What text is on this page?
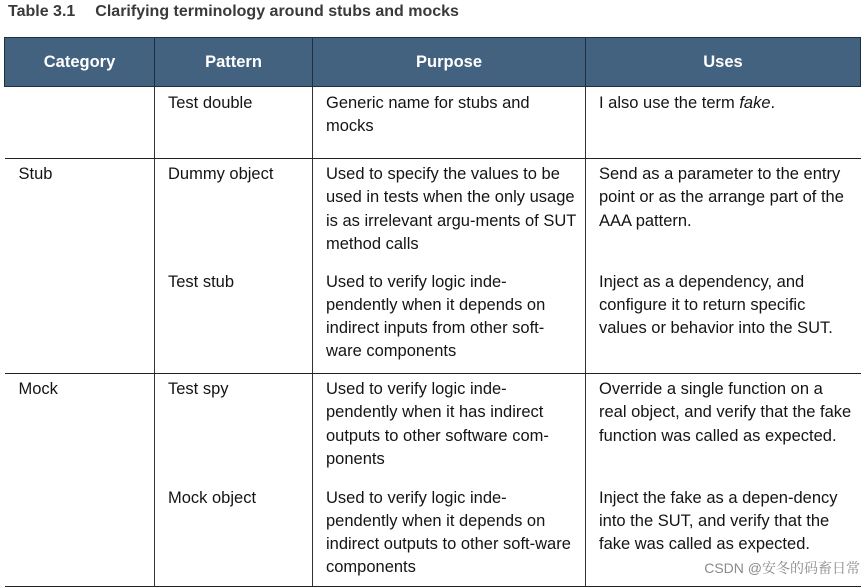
Table 3.1 Clarifying terminology around stubs and mocks
Category	Pattern	Purpose	Uses
	Test double	Generic name for stubs and mocks	I also use the term fake.
Stub	Dummy object	Used to specify the values to be used in tests when the only usage is as irrelevant argu-ments of SUT method calls	Send as a parameter to the entry point or as the arrange part of the AAA pattern.
	Test stub	Used to verify logic inde-pendently when it depends on indirect inputs from other soft-ware components	Inject as a dependency, and configure it to return specific values or behavior into the SUT.
Mock	Test spy	Used to verify logic inde-pendently when it has indirect outputs to other software com-ponents	Override a single function on a real object, and verify that the fake function was called as expected.
	Mock object	Used to verify logic inde-pendently when it depends on indirect outputs to other soft-ware components	Inject the fake as a depen-dency into the SUT, and verify that the fake was called as expected.
CSDN @安冬的码畜日常
